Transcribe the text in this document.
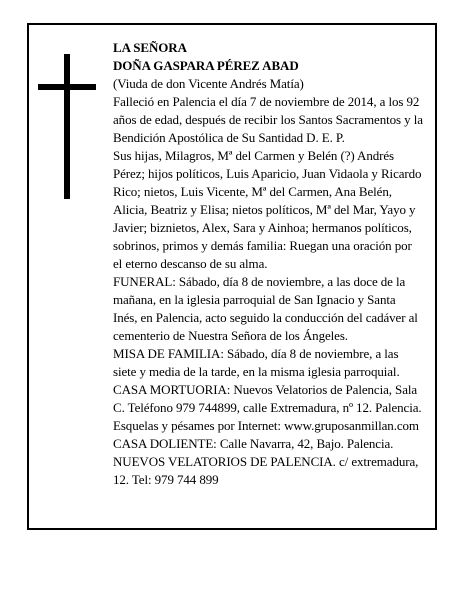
LA SEÑORA

DOÑA GASPARA PÉREZ ABAD

(Viuda de don Vicente Andrés Matía)

Falleció en Palencia el día 7 de noviembre de 2014, a los 92 años de edad, después de recibir los Santos Sacramentos y la Bendición Apostólica de Su Santidad D. E. P.

Sus hijas, Milagros, Mª del Carmen y Belén (?) Andrés Pérez; hijos políticos, Luis Aparicio, Juan Vidaola y Ricardo Rico; nietos, Luis Vicente, Mª del Carmen, Ana Belén, Alicia, Beatriz y Elisa; nietos políticos, Mª del Mar, Yayo y Javier; biznietos, Alex, Sara y Ainhoa; hermanos políticos, sobrinos, primos y demás familia: Ruegan una oración por el eterno descanso de su alma.

FUNERAL: Sábado, día 8 de noviembre, a las doce de la mañana, en la iglesia parroquial de San Ignacio y Santa Inés, en Palencia, acto seguido la conducción del cadáver al cementerio de Nuestra Señora de los Ángeles.

MISA DE FAMILIA: Sábado, día 8 de noviembre, a las siete y media de la tarde, en la misma iglesia parroquial.

CASA MORTUORIA: Nuevos Velatorios de Palencia, Sala C. Teléfono 979 744899, calle Extremadura, nº 12. Palencia. Esquelas y pésames por Internet: www.gruposanmillan.com

CASA DOLIENTE: Calle Navarra, 42, Bajo. Palencia.

NUEVOS VELATORIOS DE PALENCIA. c/ extremadura, 12. Tel: 979 744 899
